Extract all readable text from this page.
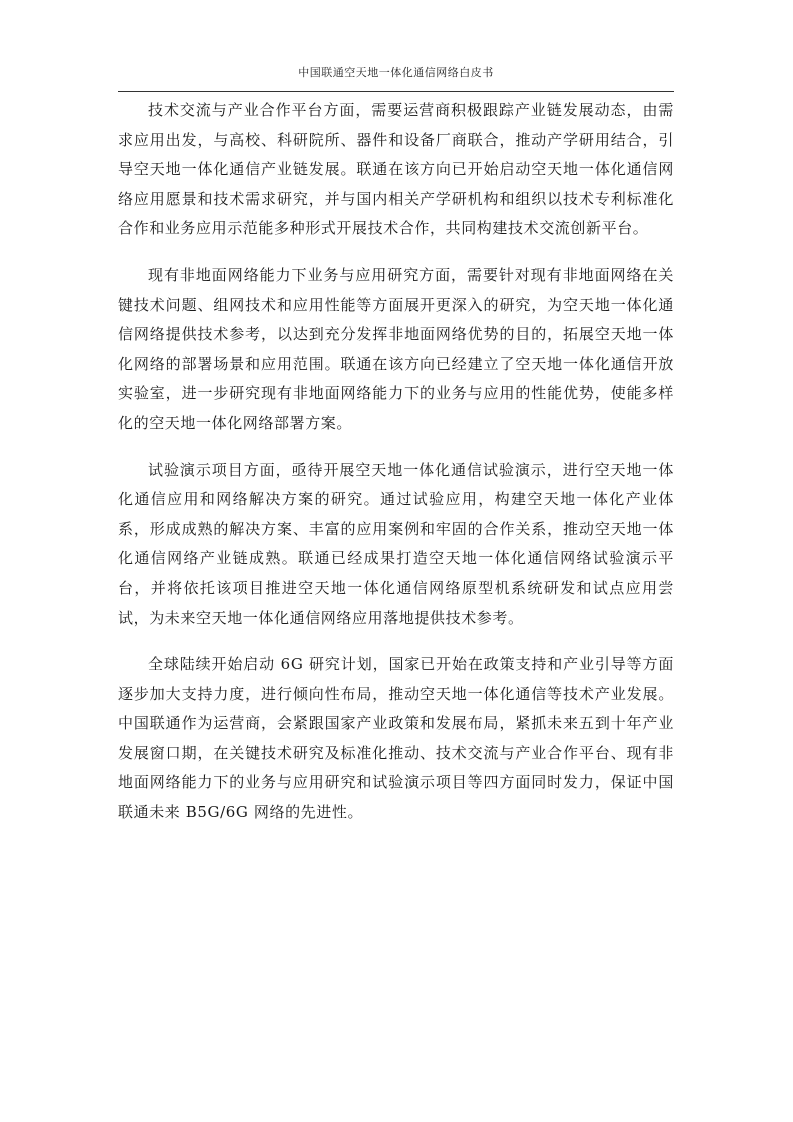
中国联通空天地一体化通信网络白皮书

技术交流与产业合作平台方面，需要运营商积极跟踪产业链发展动态，由需求应用出发，与高校、科研院所、器件和设备厂商联合，推动产学研用结合，引导空天地一体化通信产业链发展。联通在该方向已开始启动空天地一体化通信网络应用愿景和技术需求研究，并与国内相关产学研机构和组织以技术专利标准化合作和业务应用示范能多种形式开展技术合作，共同构建技术交流创新平台。

现有非地面网络能力下业务与应用研究方面，需要针对现有非地面网络在关键技术问题、组网技术和应用性能等方面展开更深入的研究，为空天地一体化通信网络提供技术参考，以达到充分发挥非地面网络优势的目的，拓展空天地一体化网络的部署场景和应用范围。联通在该方向已经建立了空天地一体化通信开放实验室，进一步研究现有非地面网络能力下的业务与应用的性能优势，使能多样化的空天地一体化网络部署方案。

试验演示项目方面，亟待开展空天地一体化通信试验演示，进行空天地一体化通信应用和网络解决方案的研究。通过试验应用，构建空天地一体化产业体系，形成成熟的解决方案、丰富的应用案例和牢固的合作关系，推动空天地一体化通信网络产业链成熟。联通已经成果打造空天地一体化通信网络试验演示平台，并将依托该项目推进空天地一体化通信网络原型机系统研发和试点应用尝试，为未来空天地一体化通信网络应用落地提供技术参考。

全球陆续开始启动 6G 研究计划，国家已开始在政策支持和产业引导等方面逐步加大支持力度，进行倾向性布局，推动空天地一体化通信等技术产业发展。中国联通作为运营商，会紧跟国家产业政策和发展布局，紧抓未来五到十年产业发展窗口期，在关键技术研究及标准化推动、技术交流与产业合作平台、现有非地面网络能力下的业务与应用研究和试验演示项目等四方面同时发力，保证中国联通未来 B5G/6G 网络的先进性。
